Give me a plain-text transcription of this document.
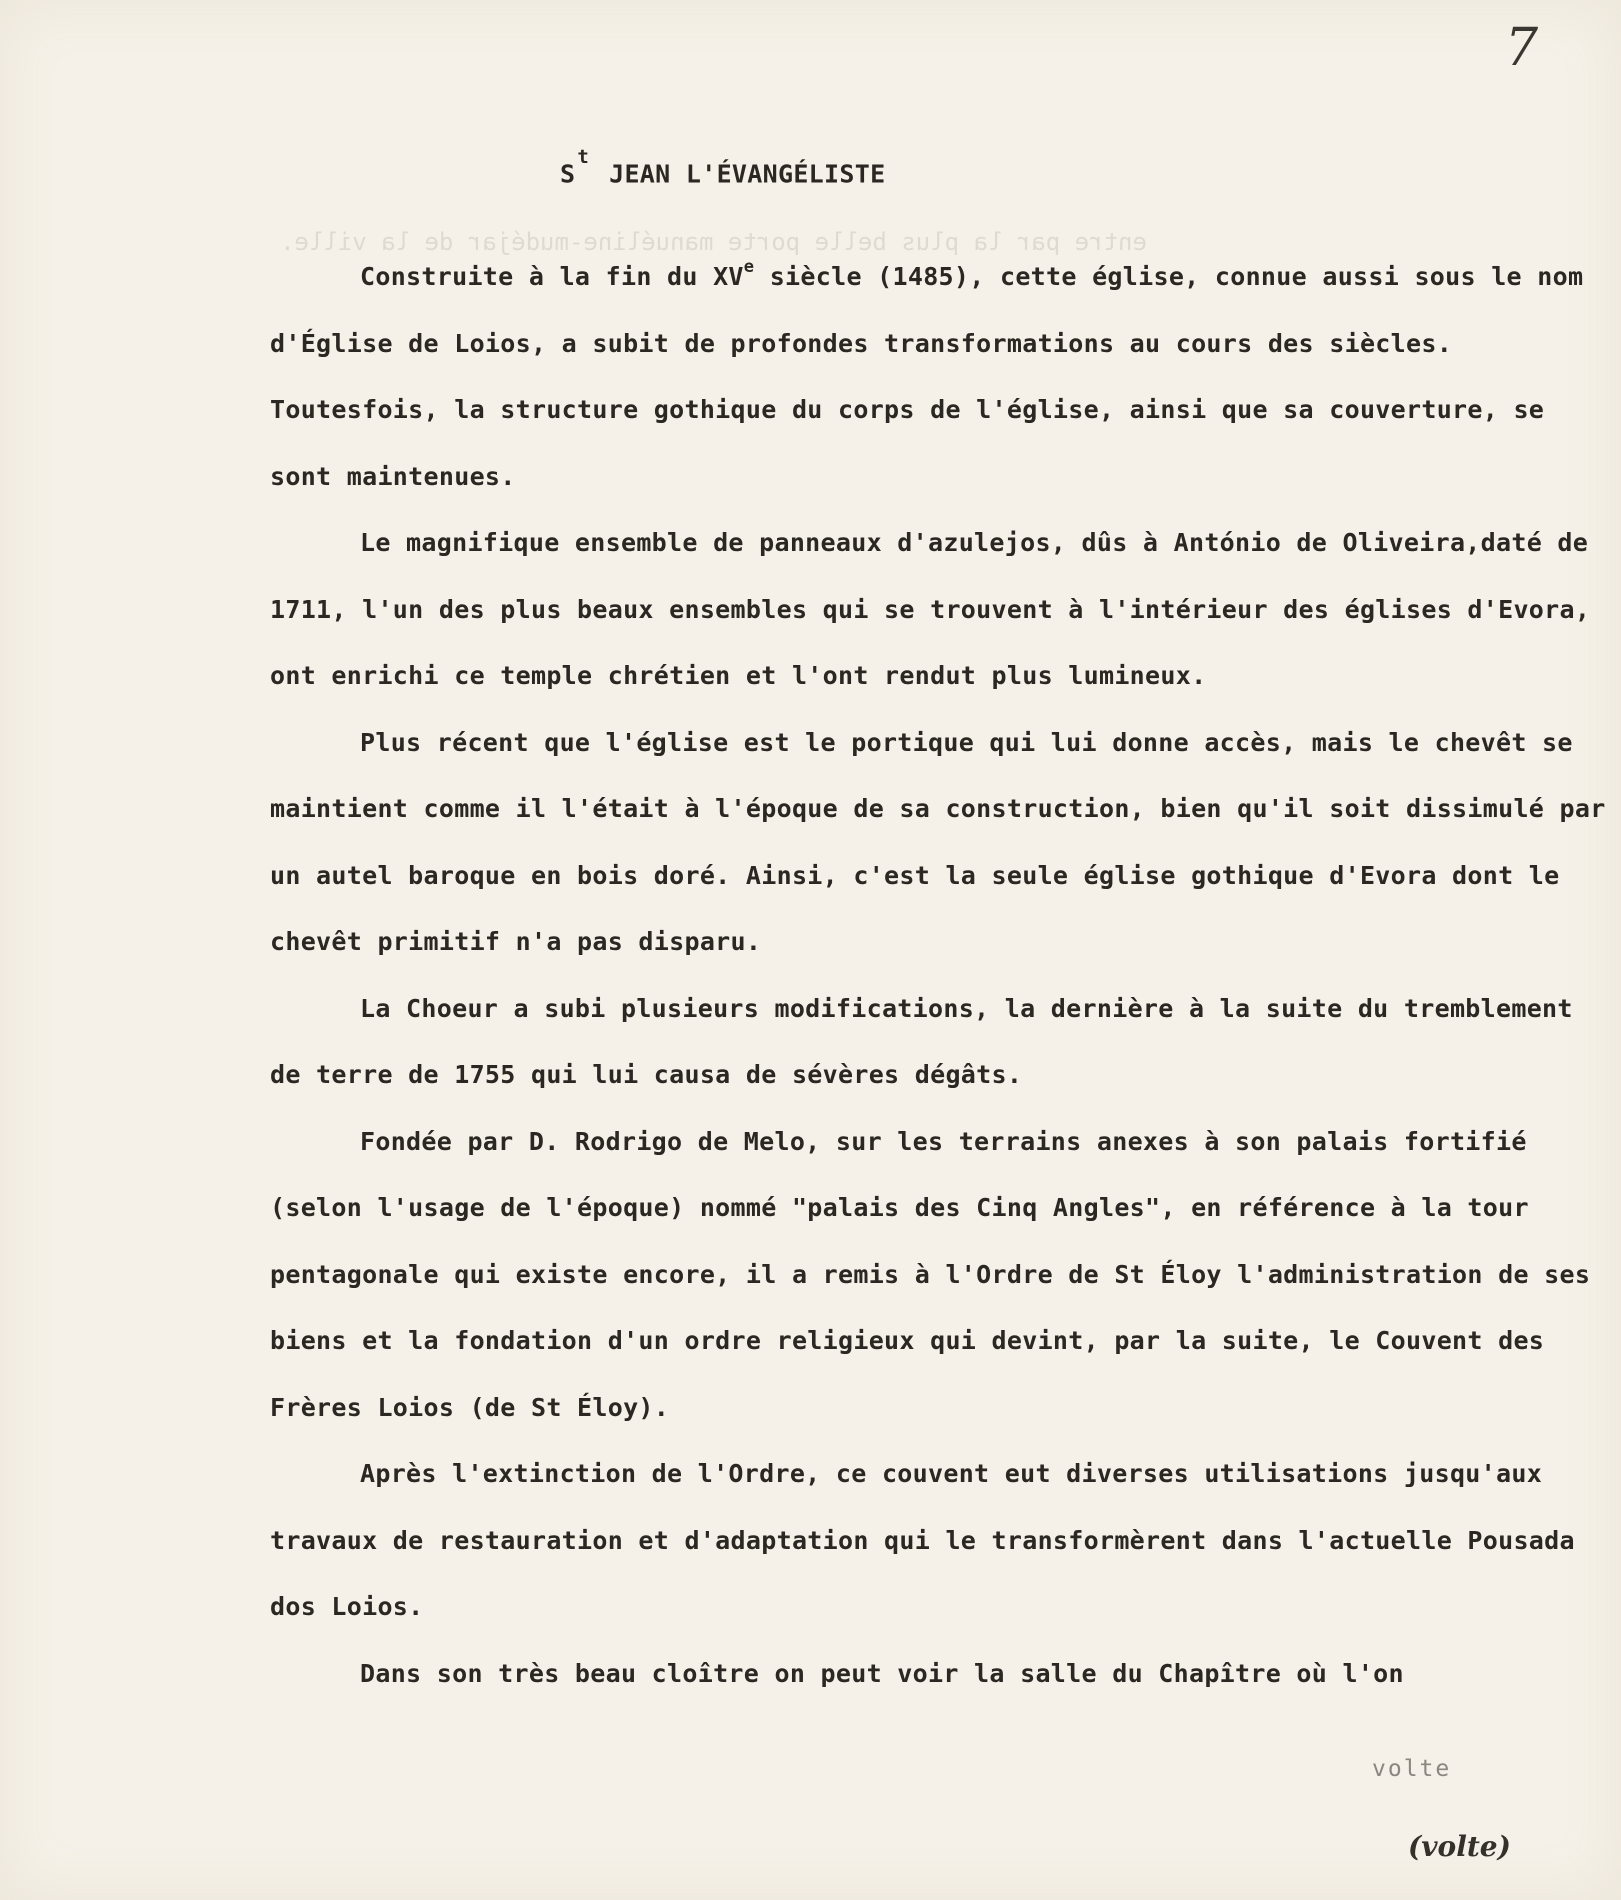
entre par la plus belle porte manuéline-mudéjar de la ville.
7
$S^tJEAN$ L'ÉVANGÉLISTE

Construite à la fin du XVe siècle (1485), cette église, connue aussi sous le nom d'Église de Loios, a subit de profondes transformations au cours des siècles. Toutesfois, la structure gothique du corps de l'église, ainsi que sa couverture, se sont maintenues.

Le magnifique ensemble de panneaux d'azulejos, dûs à António de Oliveira,daté de 1711, l'un des plus beaux ensembles qui se trouvent à l'intérieur des églises d'Evora, ont enrichi ce temple chrétien et l'ont rendut plus lumineux.

Plus récent que l'église est le portique qui lui donne accès, mais le chevêt se maintient comme il l'était à l'époque de sa construction, bien qu'il soit dissimulé par un autel baroque en bois doré. Ainsi, c'est la seule église gothique d'Evora dont le chevêt primitif n'a pas disparu.

La Choeur a subi plusieurs modifications, la dernière à la suite du tremblement de terre de 1755 qui lui causa de sévères dégâts.

Fondée par D. Rodrigo de Melo, sur les terrains anexes à son palais fortifié (selon l'usage de l'époque) nommé "palais des Cinq Angles", en référence à la tour pentagonale qui existe encore, il a remis à l'Ordre de St Éloy l'administration de ses biens et la fondation d'un ordre religieux qui devint, par la suite, le Couvent des Frères Loios (de St Éloy).

Après l'extinction de l'Ordre, ce couvent eut diverses utilisations jusqu'aux travaux de restauration et d'adaptation qui le transformèrent dans l'actuelle Pousada dos Loios.

Dans son très beau cloître on peut voir la salle du Chapître où l'on

volte
(volte)
